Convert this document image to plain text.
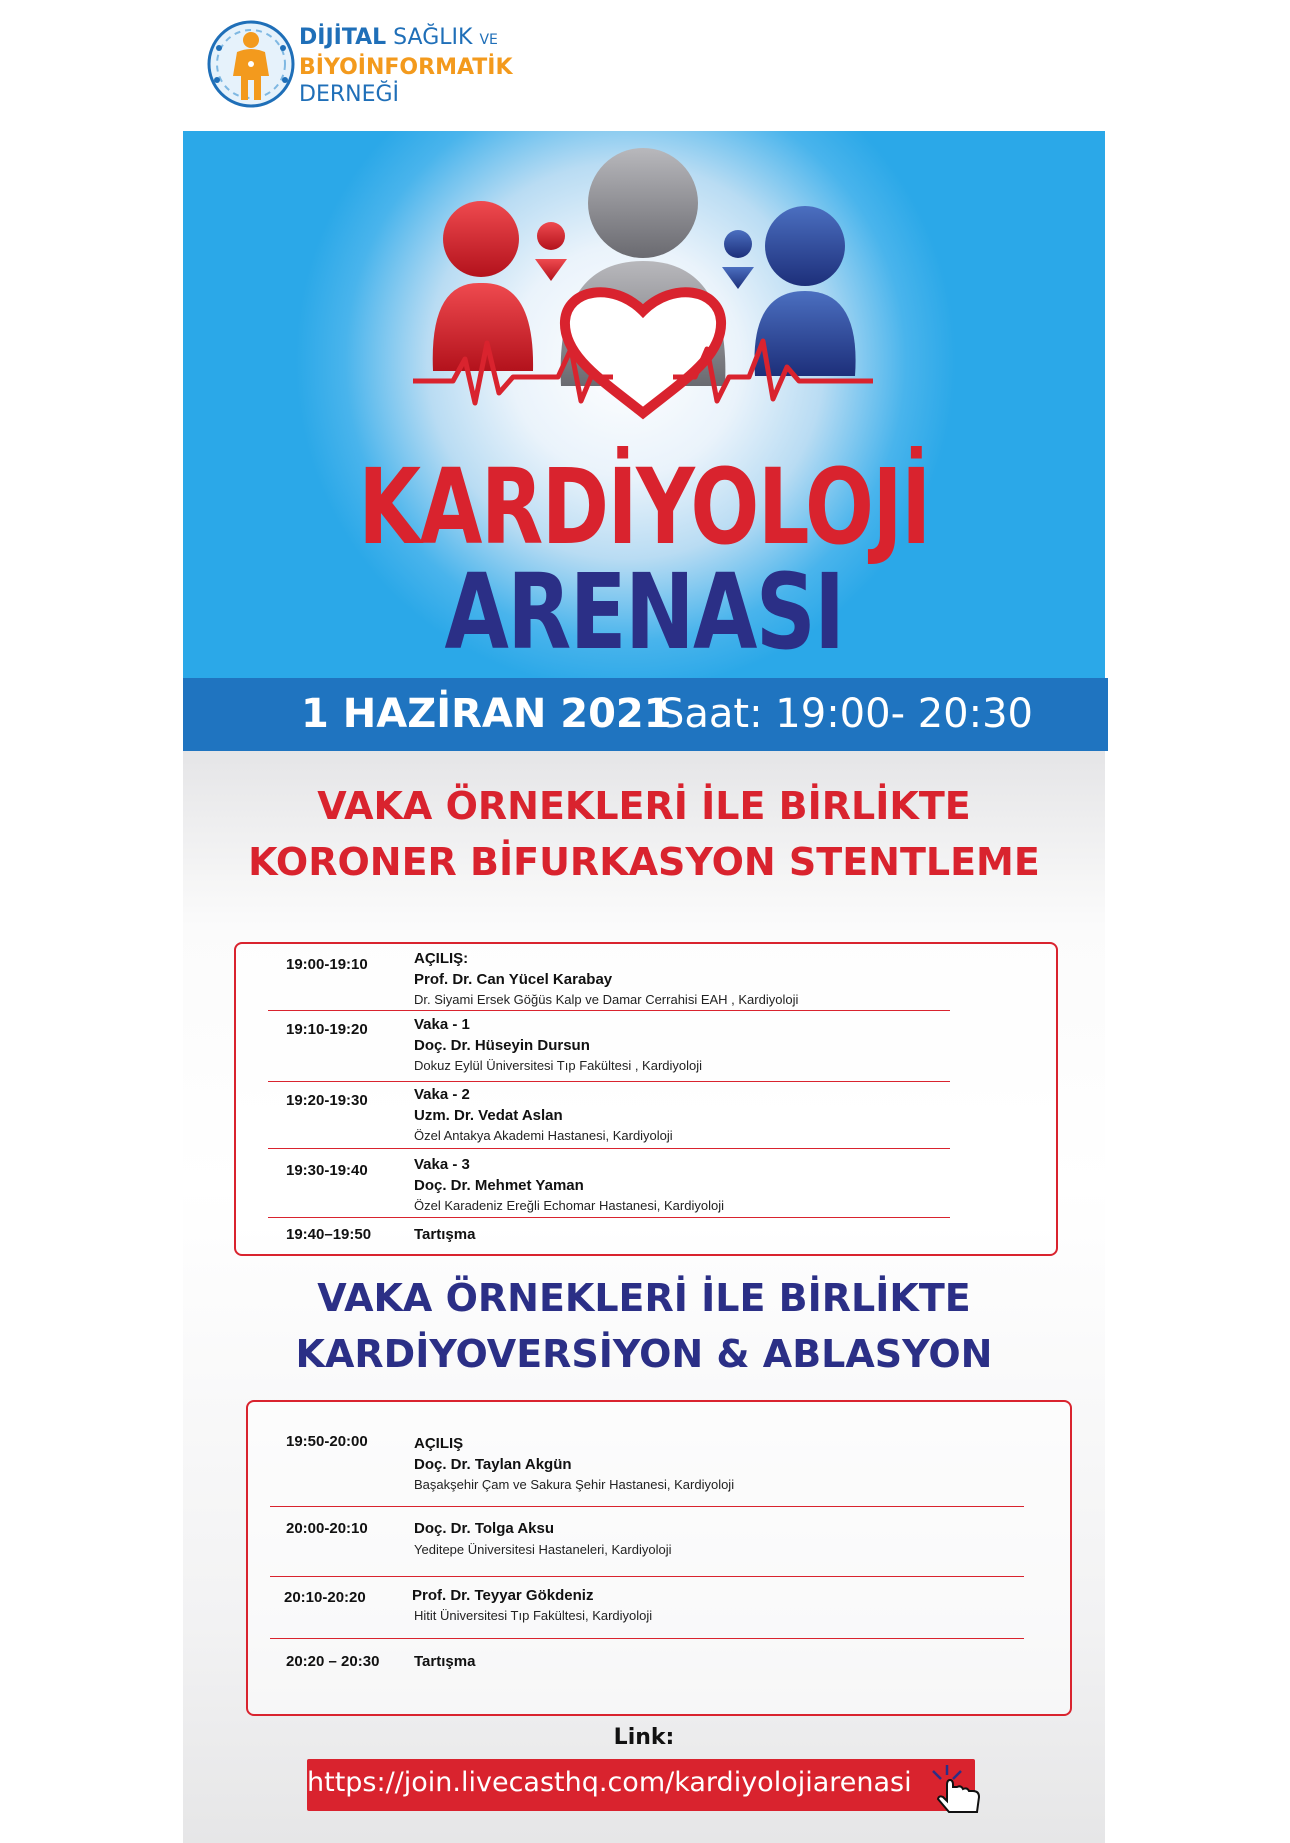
DİJİTAL SAĞLIK VE
BİYOİNFORMATİK
DERNEĞİ
KARDİYOLOJİ
ARENASI
1 HAZİRAN 2021
Saat: 19:00- 20:30
VAKA ÖRNEKLERİ İLE BİRLİKTE
KORONER BİFURKASYON STENTLEME
19:00-19:10	AÇILIŞ:
Prof. Dr. Can Yücel Karabay
Dr. Siyami Ersek Göğüs Kalp ve Damar Cerrahisi EAH , Kardiyoloji
19:10-19:20	Vaka - 1
Doç. Dr. Hüseyin Dursun
Dokuz Eylül Üniversitesi Tıp Fakültesi , Kardiyoloji
19:20-19:30	Vaka - 2
Uzm. Dr. Vedat Aslan
Özel Antakya Akademi Hastanesi, Kardiyoloji
19:30-19:40	Vaka - 3
Doç. Dr. Mehmet Yaman
Özel Karadeniz Ereğli Echomar Hastanesi, Kardiyoloji
19:40–19:50	Tartışma
VAKA ÖRNEKLERİ İLE BİRLİKTE
KARDİYOVERSİYON & ABLASYON
19:50-20:00	AÇILIŞ
Doç. Dr. Taylan Akgün
Başakşehir Çam ve Sakura Şehir Hastanesi, Kardiyoloji
20:00-20:10	Doç. Dr. Tolga Aksu
Yeditepe Üniversitesi Hastaneleri, Kardiyoloji
20:10-20:20	Prof. Dr. Teyyar Gökdeniz
Hitit Üniversitesi Tıp Fakültesi, Kardiyoloji
20:20 – 20:30 Tartışma
Link:
https://join.livecasthq.com/kardiyolojiarenasi
